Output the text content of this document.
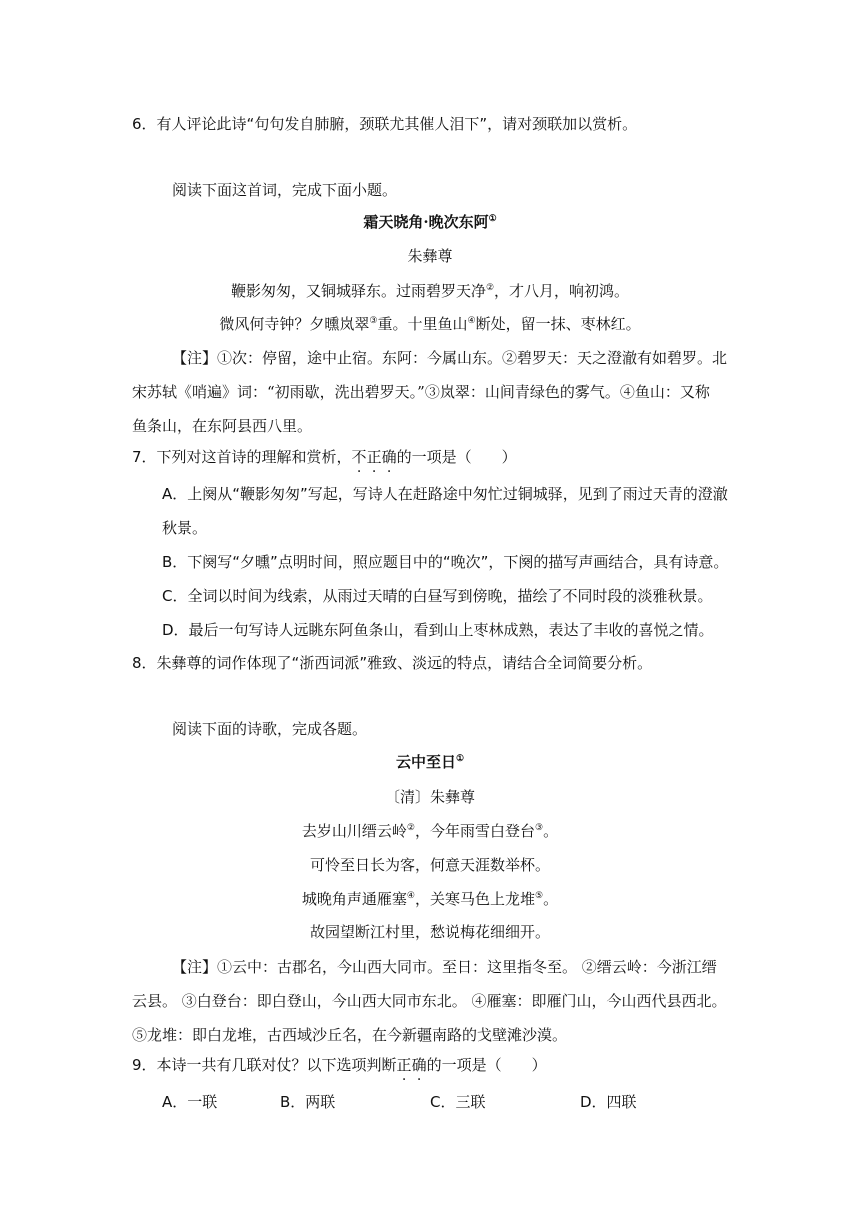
6．有人评论此诗“句句发自肺腑，颈联尤其催人泪下”，请对颈联加以赏析。
阅读下面这首词，完成下面小题。
霜天晓角·晚次东阿①
朱彝尊
鞭影匆匆，又铜城驿东。过雨碧罗天净②，才八月，响初鸿。
微风何寺钟？夕曛岚翠③重。十里鱼山④断处，留一抹、枣林红。
【注】①次：停留，途中止宿。东阿：今属山东。②碧罗天：天之澄澈有如碧罗。北
宋苏轼《哨遍》词：“初雨歇，洗出碧罗天。”③岚翠：山间青绿色的雾气。④鱼山：又称
鱼条山，在东阿县西八里。
7．下列对这首诗的理解和赏析，不正确的一项是（　　）
A．上阕从“鞭影匆匆”写起，写诗人在赶路途中匆忙过铜城驿，见到了雨过天青的澄澈
秋景。
B．下阕写“夕曛”点明时间，照应题目中的“晚次”，下阕的描写声画结合，具有诗意。
C．全词以时间为线索，从雨过天晴的白昼写到傍晚，描绘了不同时段的淡雅秋景。
D．最后一句写诗人远眺东阿鱼条山，看到山上枣林成熟，表达了丰收的喜悦之情。
8．朱彝尊的词作体现了“浙西词派”雅致、淡远的特点，请结合全词简要分析。
阅读下面的诗歌，完成各题。
云中至日①
〔清〕朱彝尊
去岁山川缙云岭②，今年雨雪白登台③。
可怜至日长为客，何意天涯数举杯。
城晚角声通雁塞④，关寒马色上龙堆⑤。
故园望断江村里，愁说梅花细细开。
【注】①云中：古郡名，今山西大同市。至日：这里指冬至。 ②缙云岭：今浙江缙
云县。 ③白登台：即白登山，今山西大同市东北。 ④雁塞：即雁门山，今山西代县西北。
⑤龙堆：即白龙堆，古西域沙丘名，在今新疆南路的戈壁滩沙漠。
9．本诗一共有几联对仗？以下选项判断正确的一项是（　　）
A．一联	B．两联	C．三联	D．四联
